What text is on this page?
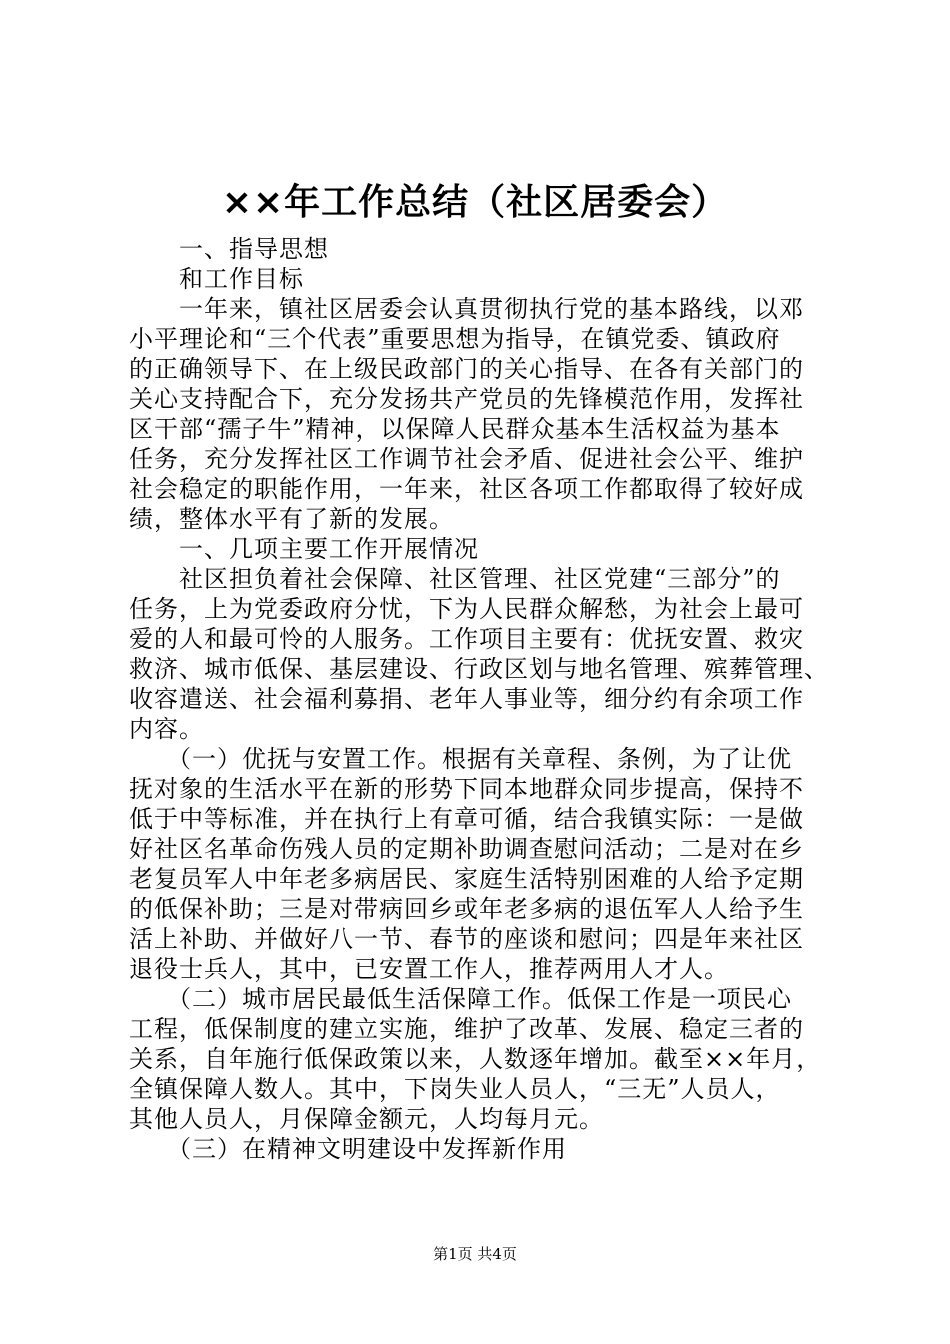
××年工作总结（社区居委会）
　　一、指导思想
　　和工作目标
　　一年来，镇社区居委会认真贯彻执行党的基本路线，以邓
小平理论和“三个代表”重要思想为指导，在镇党委、镇政府
的正确领导下、在上级民政部门的关心指导、在各有关部门的
关心支持配合下，充分发扬共产党员的先锋模范作用，发挥社
区干部“孺子牛”精神，以保障人民群众基本生活权益为基本
任务，充分发挥社区工作调节社会矛盾、促进社会公平、维护
社会稳定的职能作用，一年来，社区各项工作都取得了较好成
绩，整体水平有了新的发展。
　　一、几项主要工作开展情况
　　社区担负着社会保障、社区管理、社区党建“三部分”的
任务，上为党委政府分忧，下为人民群众解愁，为社会上最可
爱的人和最可怜的人服务。工作项目主要有：优抚安置、救灾
救济、城市低保、基层建设、行政区划与地名管理、殡葬管理、
收容遣送、社会福利募捐、老年人事业等，细分约有余项工作
内容。
　　（一）优抚与安置工作。根据有关章程、条例，为了让优
抚对象的生活水平在新的形势下同本地群众同步提高，保持不
低于中等标准，并在执行上有章可循，结合我镇实际：一是做
好社区名革命伤残人员的定期补助调查慰问活动；二是对在乡
老复员军人中年老多病居民、家庭生活特别困难的人给予定期
的低保补助；三是对带病回乡或年老多病的退伍军人人给予生
活上补助、并做好八一节、春节的座谈和慰问；四是年来社区
退役士兵人，其中，已安置工作人，推荐两用人才人。
　　（二）城市居民最低生活保障工作。低保工作是一项民心
工程，低保制度的建立实施，维护了改革、发展、稳定三者的
关系，自年施行低保政策以来，人数逐年增加。截至××年月，
全镇保障人数人。其中，下岗失业人员人，“三无”人员人，
其他人员人，月保障金额元，人均每月元。
　　（三）在精神文明建设中发挥新作用
第1页 共4页
